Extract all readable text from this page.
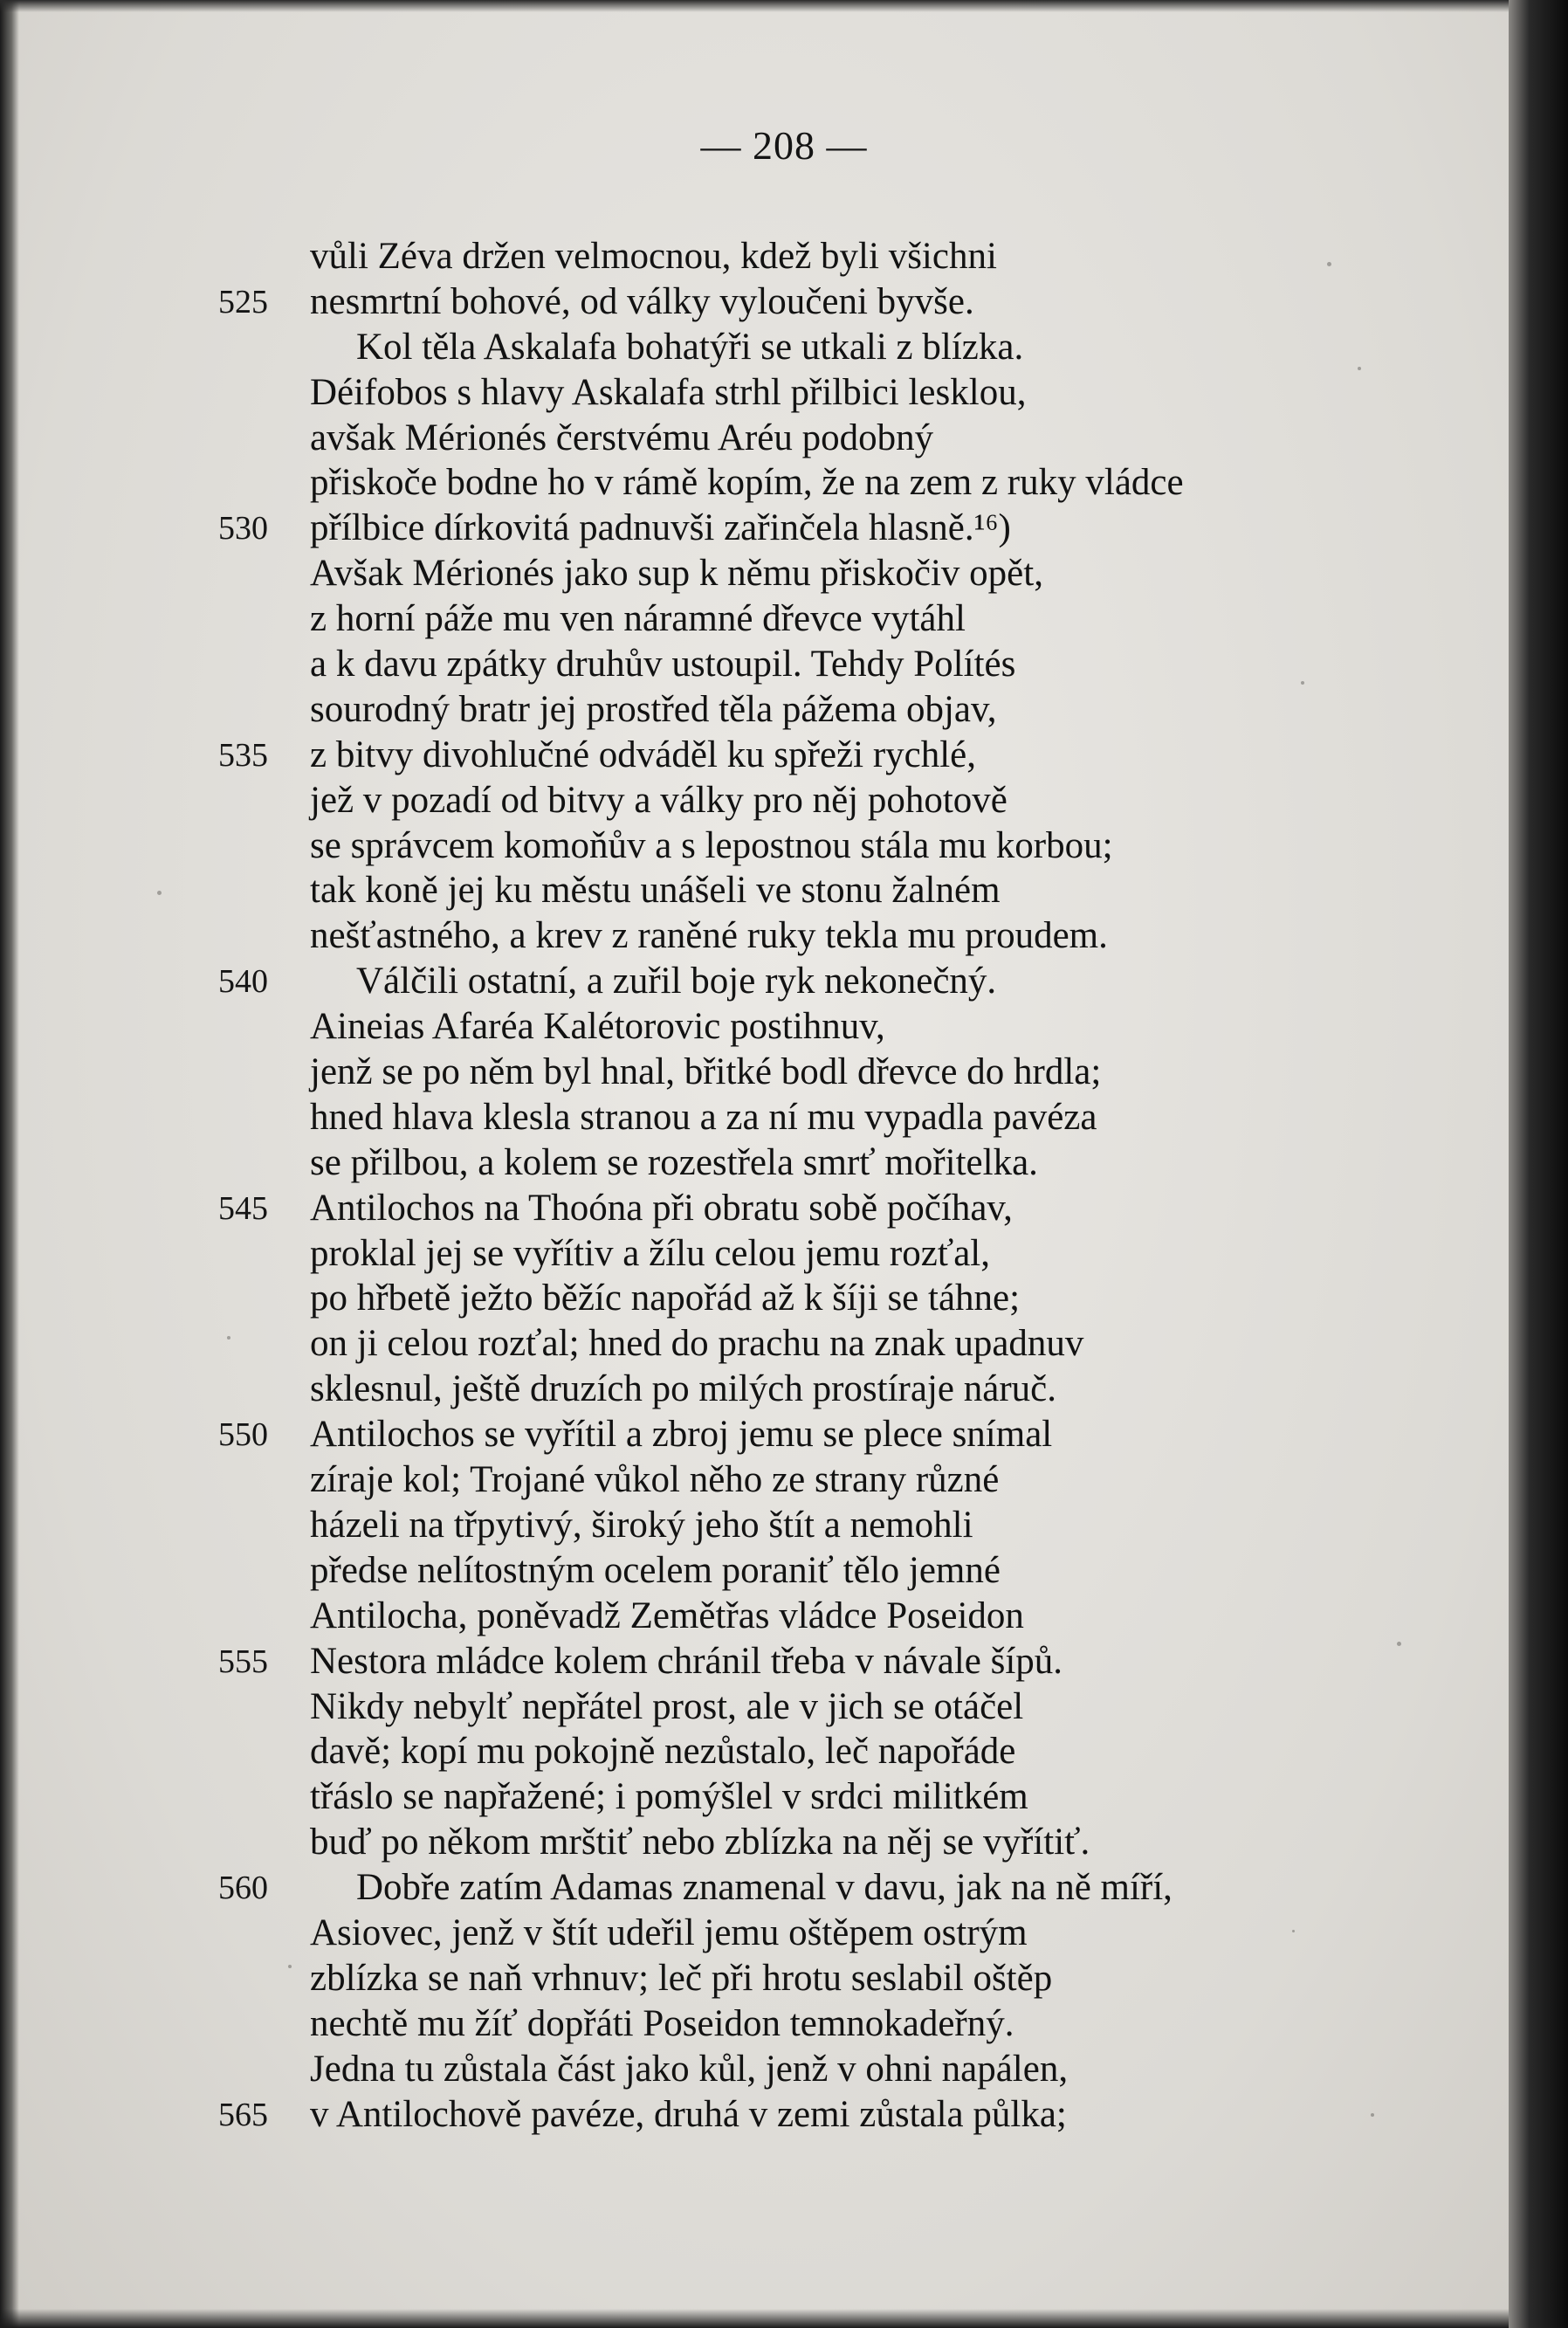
— 208 —
vůli Zéva držen velmocnou, kdež byli všichni
525	nesmrtní bohové, od války vyloučeni byvše.
Kol těla Askalafa bohatýři se utkali z blízka.
Déifobos s hlavy Askalafa strhl přilbici lesklou,
avšak Mérionés čerstvému Aréu podobný
přiskoče bodne ho v rámě kopím, že na zem z ruky vládce
530	přílbice dírkovitá padnuvši zařinčela hlasně.¹⁶)
Avšak Mérionés jako sup k němu přiskočiv opět,
z horní páže mu ven náramné dřevce vytáhl
a k davu zpátky druhův ustoupil. Tehdy Polítés
sourodný bratr jej prostřed těla pážema objav,
535	z bitvy divohlučné odváděl ku spřeži rychlé,
jež v pozadí od bitvy a války pro něj pohotově
se správcem komoňův a s lepostnou stála mu korbou;
tak koně jej ku městu unášeli ve stonu žalném
nešťastného, a krev z raněné ruky tekla mu proudem.
540	Válčili ostatní, a zuřil boje ryk nekonečný.
Aineias Afaréa Kalétorovic postihnuv,
jenž se po něm byl hnal, břitké bodl dřevce do hrdla;
hned hlava klesla stranou a za ní mu vypadla pavéza
se přilbou, a kolem se rozestřela smrť mořitelka.
545	Antilochos na Thoóna při obratu sobě počíhav,
proklal jej se vyřítiv a žílu celou jemu rozťal,
po hřbetě ježto běžíc napořád až k šíji se táhne;
on ji celou rozťal; hned do prachu na znak upadnuv
sklesnul, ještě druzích po milých prostíraje náruč.
550	Antilochos se vyřítil a zbroj jemu se plece snímal
zíraje kol; Trojané vůkol něho ze strany různé
házeli na třpytivý, široký jeho štít a nemohli
předse nelítostným ocelem poraniť tělo jemné
Antilocha, poněvadž Zemětřas vládce Poseidon
555	Nestora mládce kolem chránil třeba v návale šípů.
Nikdy nebylť nepřátel prost, ale v jich se otáčel
davě; kopí mu pokojně nezůstalo, leč napořáde
třáslo se napřažené; i pomýšlel v srdci militkém
buď po někom mrštiť nebo zblízka na něj se vyřítiť.
560	Dobře zatím Adamas znamenal v davu, jak na ně míří,
Asiovec, jenž v štít udeřil jemu oštěpem ostrým
zblízka se naň vrhnuv; leč při hrotu seslabil oštěp
nechtě mu žíť dopřáti Poseidon temnokadeřný.
Jedna tu zůstala část jako kůl, jenž v ohni napálen,
565	v Antilochově pavéze, druhá v zemi zůstala půlka;
